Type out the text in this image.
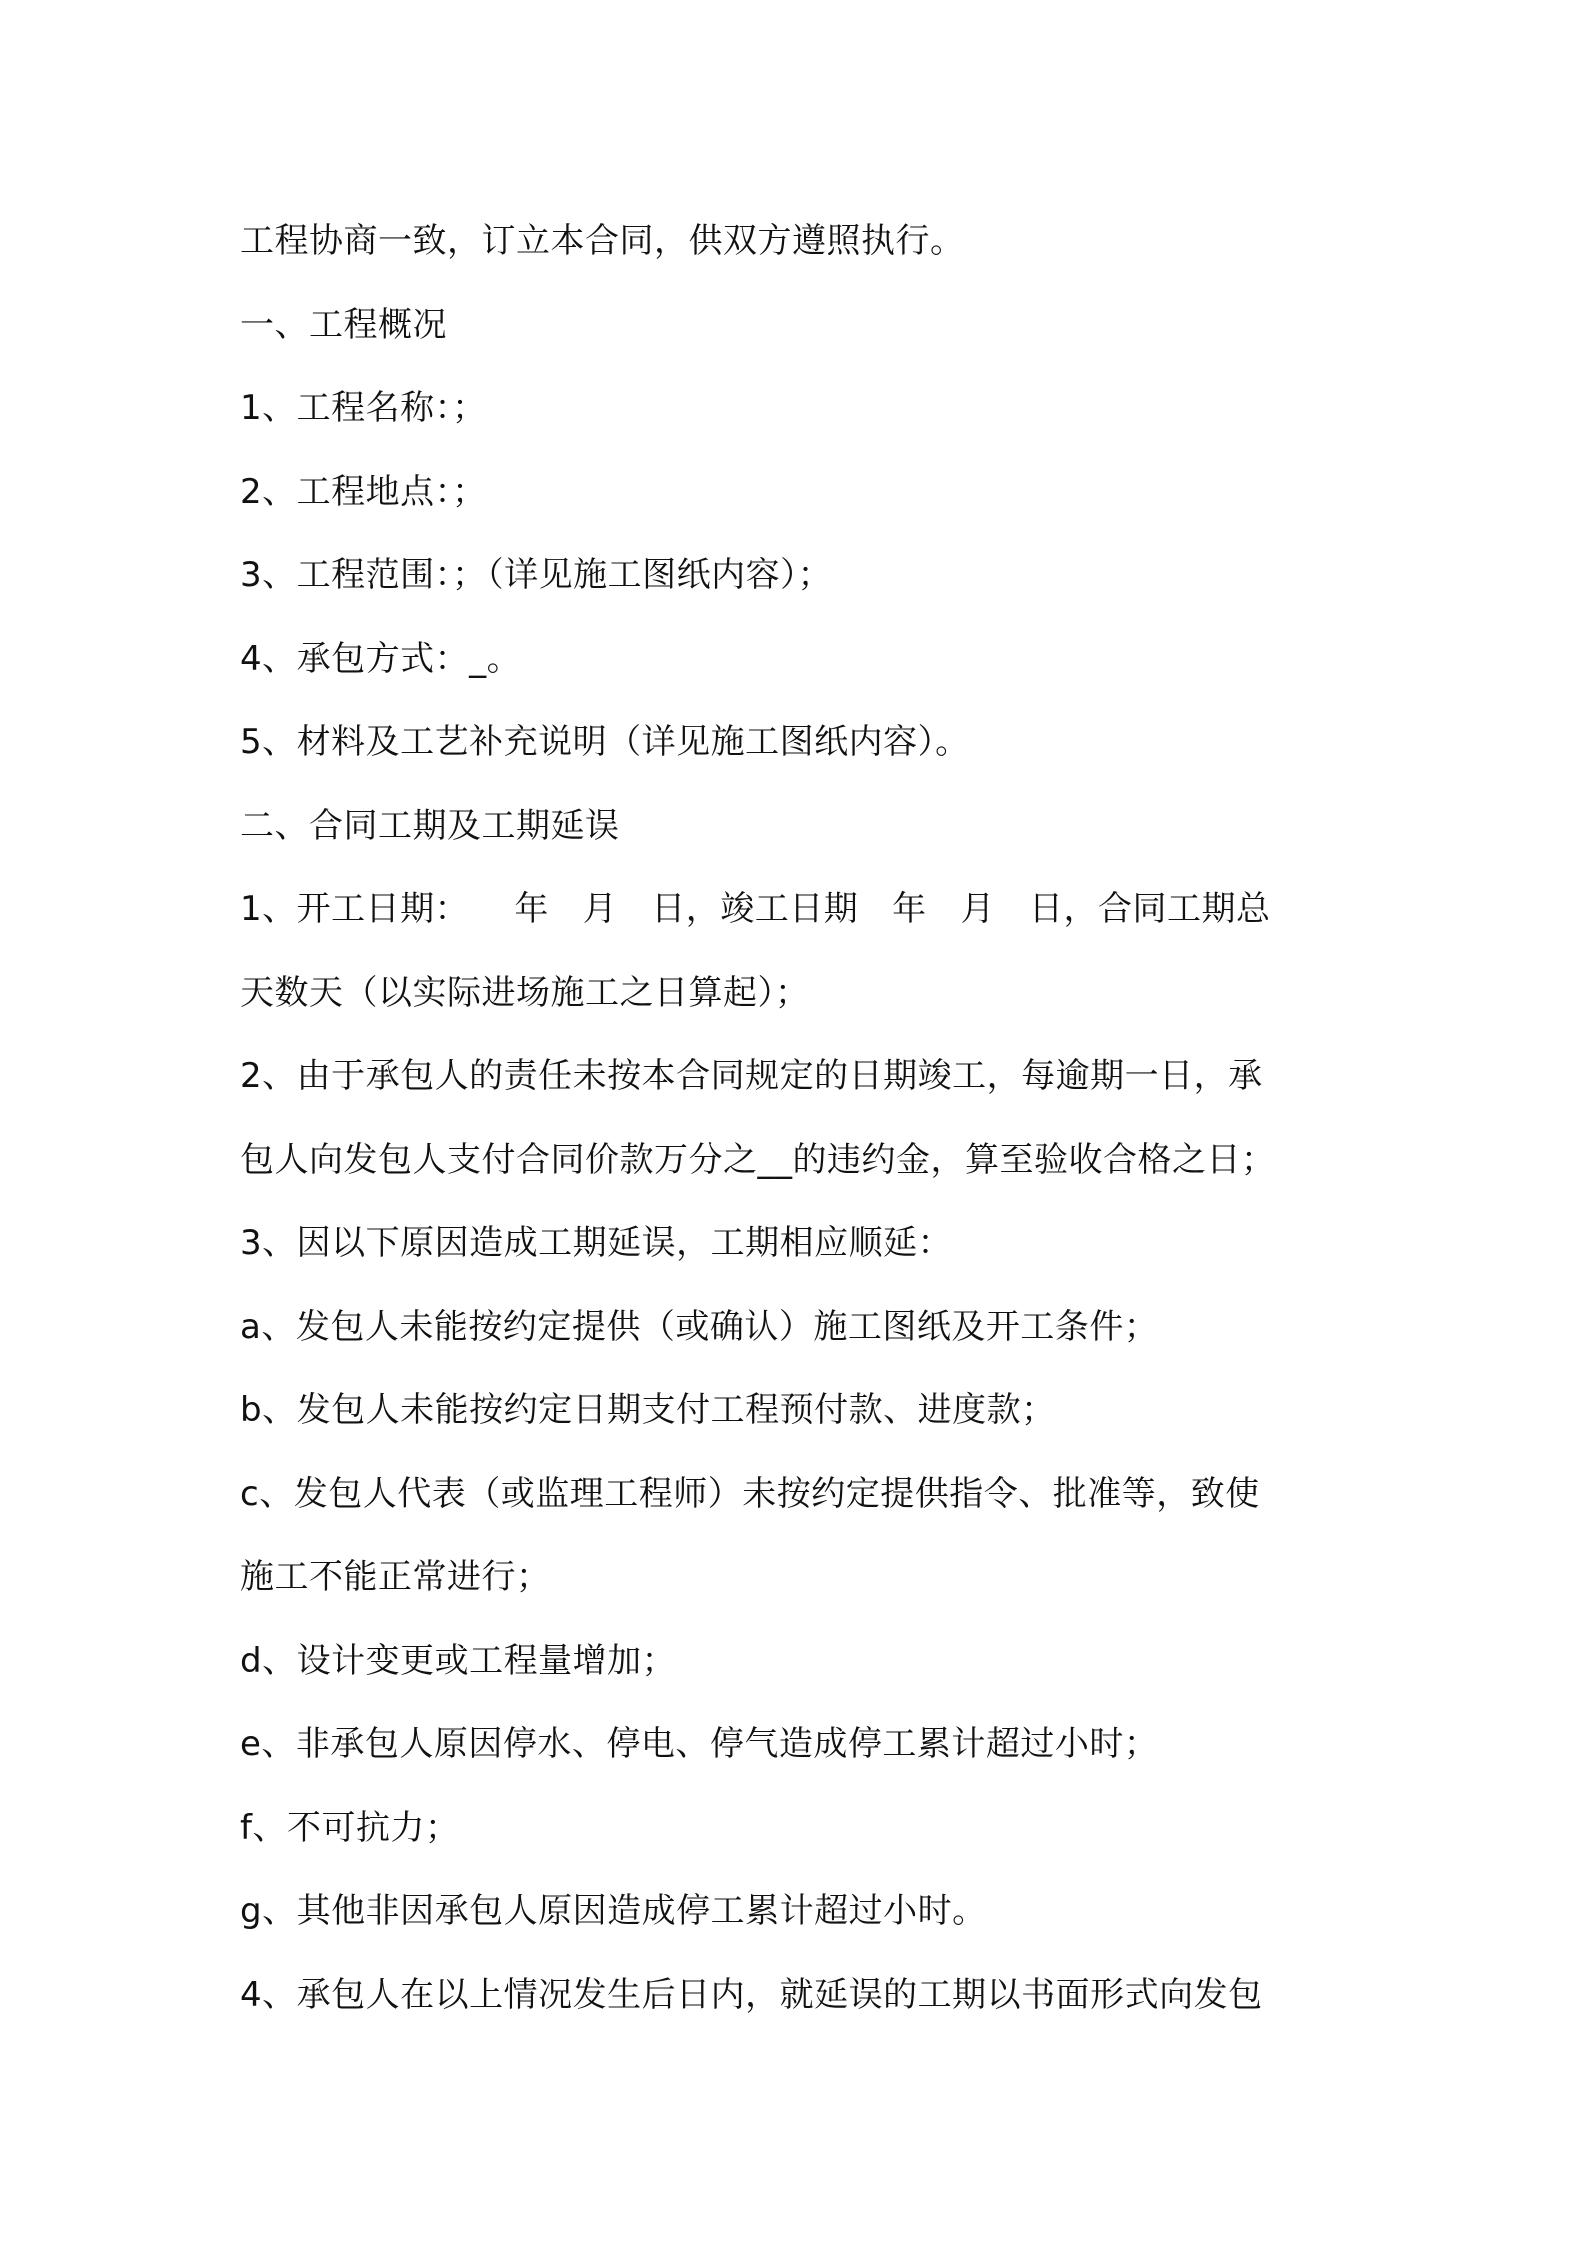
工程协商一致，订立本合同，供双方遵照执行。
一、工程概况
1、工程名称：；
2、工程地点：；
3、工程范围：；（详见施工图纸内容）；
4、承包方式：_。
5、材料及工艺补充说明（详见施工图纸内容）。
二、合同工期及工期延误
1、开工日期：    年   月   日，竣工日期   年   月   日，合同工期总
天数天（以实际进场施工之日算起）；
2、由于承包人的责任未按本合同规定的日期竣工，每逾期一日，承
包人向发包人支付合同价款万分之__的违约金，算至验收合格之日；
3、因以下原因造成工期延误，工期相应顺延：
a、发包人未能按约定提供（或确认）施工图纸及开工条件；
b、发包人未能按约定日期支付工程预付款、进度款；
c、发包人代表（或监理工程师）未按约定提供指令、批准等，致使
施工不能正常进行；
d、设计变更或工程量增加；
e、非承包人原因停水、停电、停气造成停工累计超过小时；
f、不可抗力；
g、其他非因承包人原因造成停工累计超过小时。
4、承包人在以上情况发生后日内，就延误的工期以书面形式向发包
